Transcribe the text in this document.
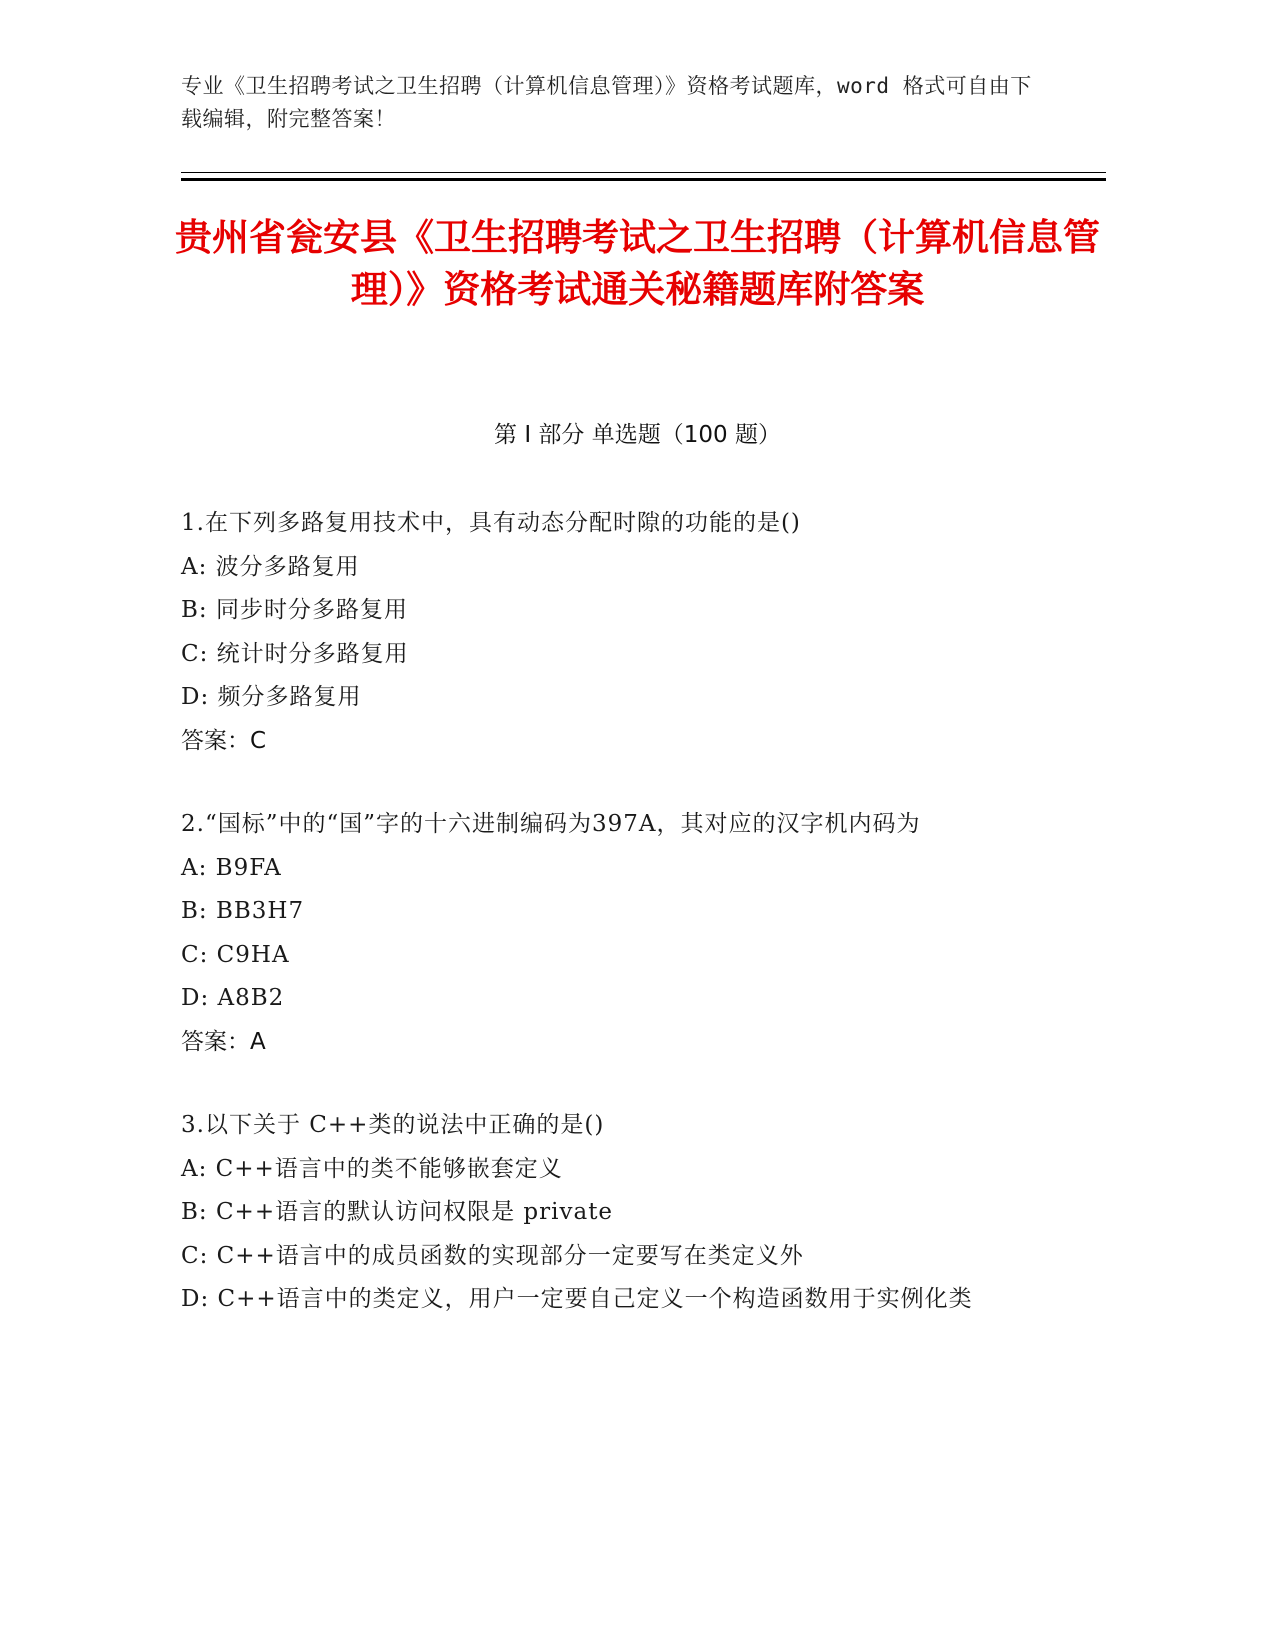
专业《卫生招聘考试之卫生招聘（计算机信息管理）》资格考试题库，word 格式可自由下载编辑，附完整答案！
贵州省瓮安县《卫生招聘考试之卫生招聘（计算机信息管理）》资格考试通关秘籍题库附答案
第 I 部分 单选题（100 题）
1.在下列多路复用技术中，具有动态分配时隙的功能的是()
A: 波分多路复用
B: 同步时分多路复用
C: 统计时分多路复用
D: 频分多路复用
答案：C
2.“国标”中的“国”字的十六进制编码为397A，其对应的汉字机内码为
A: B9FA
B: BB3H7
C: C9HA
D: A8B2
答案：A
3.以下关于 C++类的说法中正确的是()
A: C++语言中的类不能够嵌套定义
B: C++语言的默认访问权限是 private
C: C++语言中的成员函数的实现部分一定要写在类定义外
D: C++语言中的类定义，用户一定要自己定义一个构造函数用于实例化类
